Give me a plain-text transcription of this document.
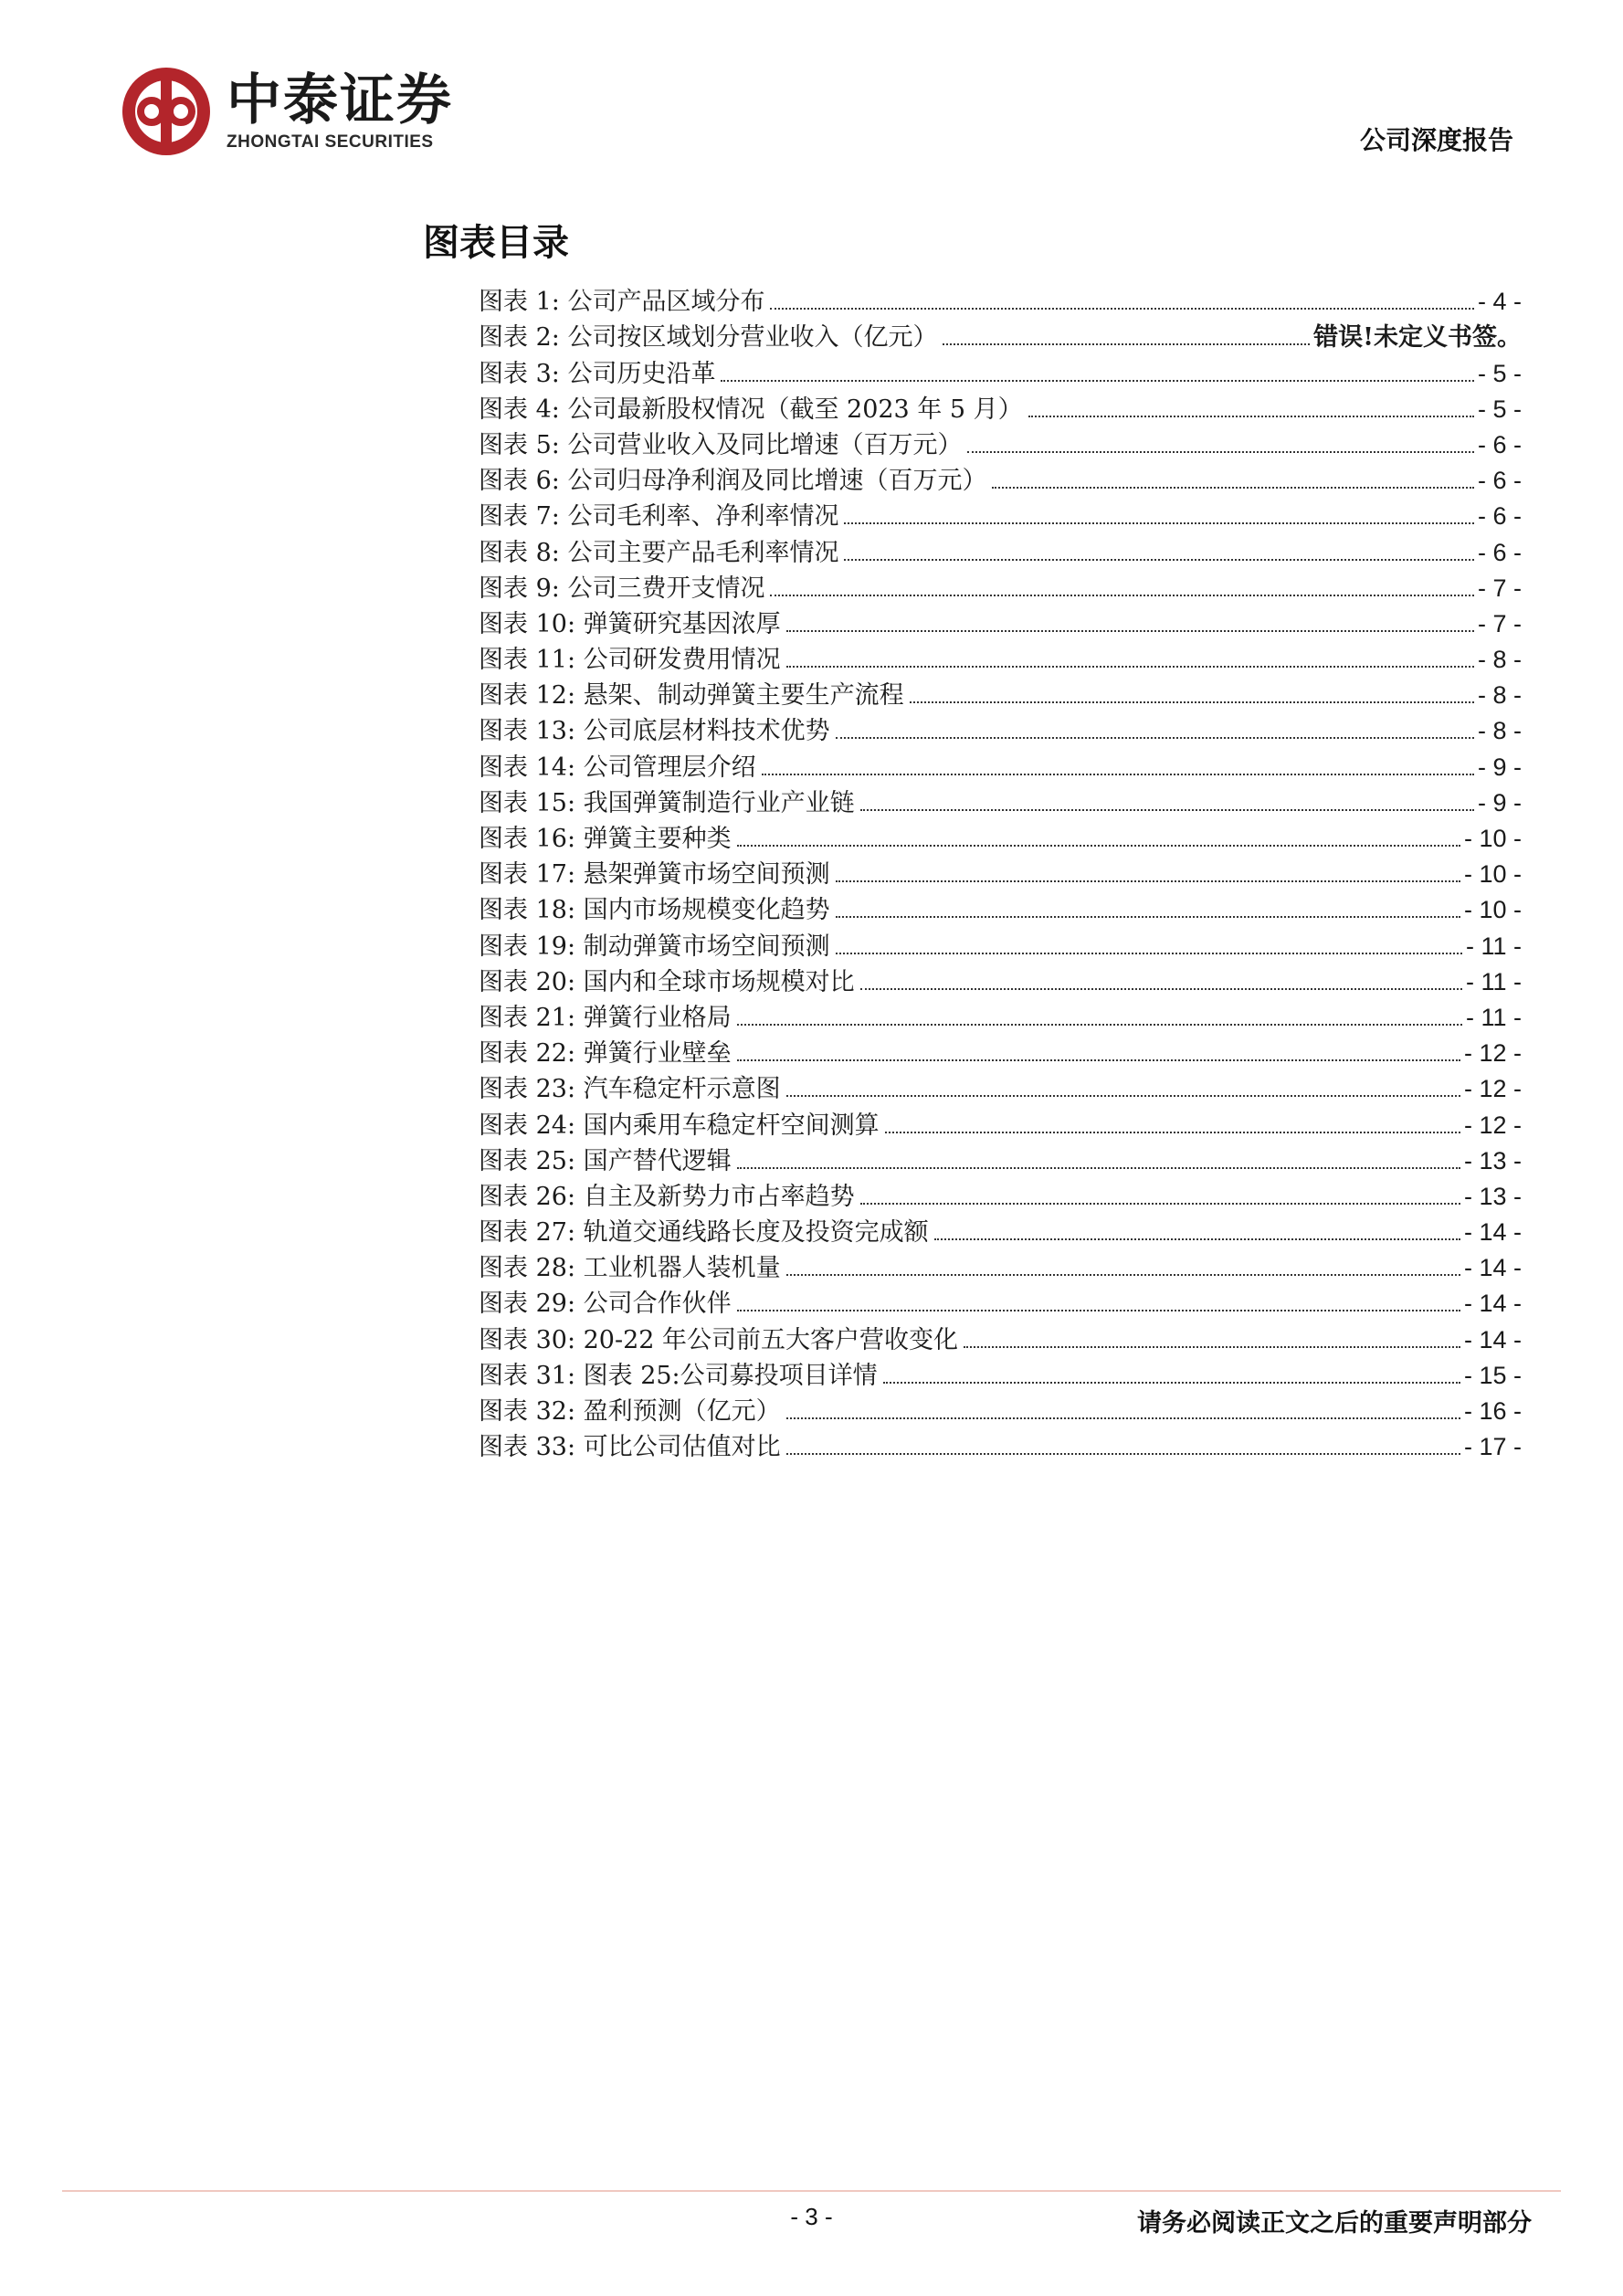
中泰证券
ZHONGTAI SECURITIES	公司深度报告
图表目录
图表 1: 公司产品区域分布	- 4 -
图表 2: 公司按区域划分营业收入（亿元）	错误!未定义书签。
图表 3: 公司历史沿革	- 5 -
图表 4: 公司最新股权情况（截至 2023 年 5 月）	- 5 -
图表 5: 公司营业收入及同比增速（百万元）	- 6 -
图表 6: 公司归母净利润及同比增速（百万元）	- 6 -
图表 7: 公司毛利率、净利率情况	- 6 -
图表 8: 公司主要产品毛利率情况	- 6 -
图表 9: 公司三费开支情况	- 7 -
图表 10: 弹簧研究基因浓厚	- 7 -
图表 11: 公司研发费用情况	- 8 -
图表 12: 悬架、制动弹簧主要生产流程	- 8 -
图表 13: 公司底层材料技术优势	- 8 -
图表 14: 公司管理层介绍	- 9 -
图表 15: 我国弹簧制造行业产业链	- 9 -
图表 16: 弹簧主要种类	- 10 -
图表 17: 悬架弹簧市场空间预测	- 10 -
图表 18: 国内市场规模变化趋势	- 10 -
图表 19: 制动弹簧市场空间预测	- 11 -
图表 20: 国内和全球市场规模对比	- 11 -
图表 21: 弹簧行业格局	- 11 -
图表 22: 弹簧行业壁垒	- 12 -
图表 23: 汽车稳定杆示意图	- 12 -
图表 24: 国内乘用车稳定杆空间测算	- 12 -
图表 25: 国产替代逻辑	- 13 -
图表 26: 自主及新势力市占率趋势	- 13 -
图表 27: 轨道交通线路长度及投资完成额	- 14 -
图表 28: 工业机器人装机量	- 14 -
图表 29: 公司合作伙伴	- 14 -
图表 30: 20-22 年公司前五大客户营收变化	- 14 -
图表 31: 图表 25:公司募投项目详情	- 15 -
图表 32: 盈利预测（亿元）	- 16 -
图表 33: 可比公司估值对比	- 17 -
- 3 -	请务必阅读正文之后的重要声明部分
